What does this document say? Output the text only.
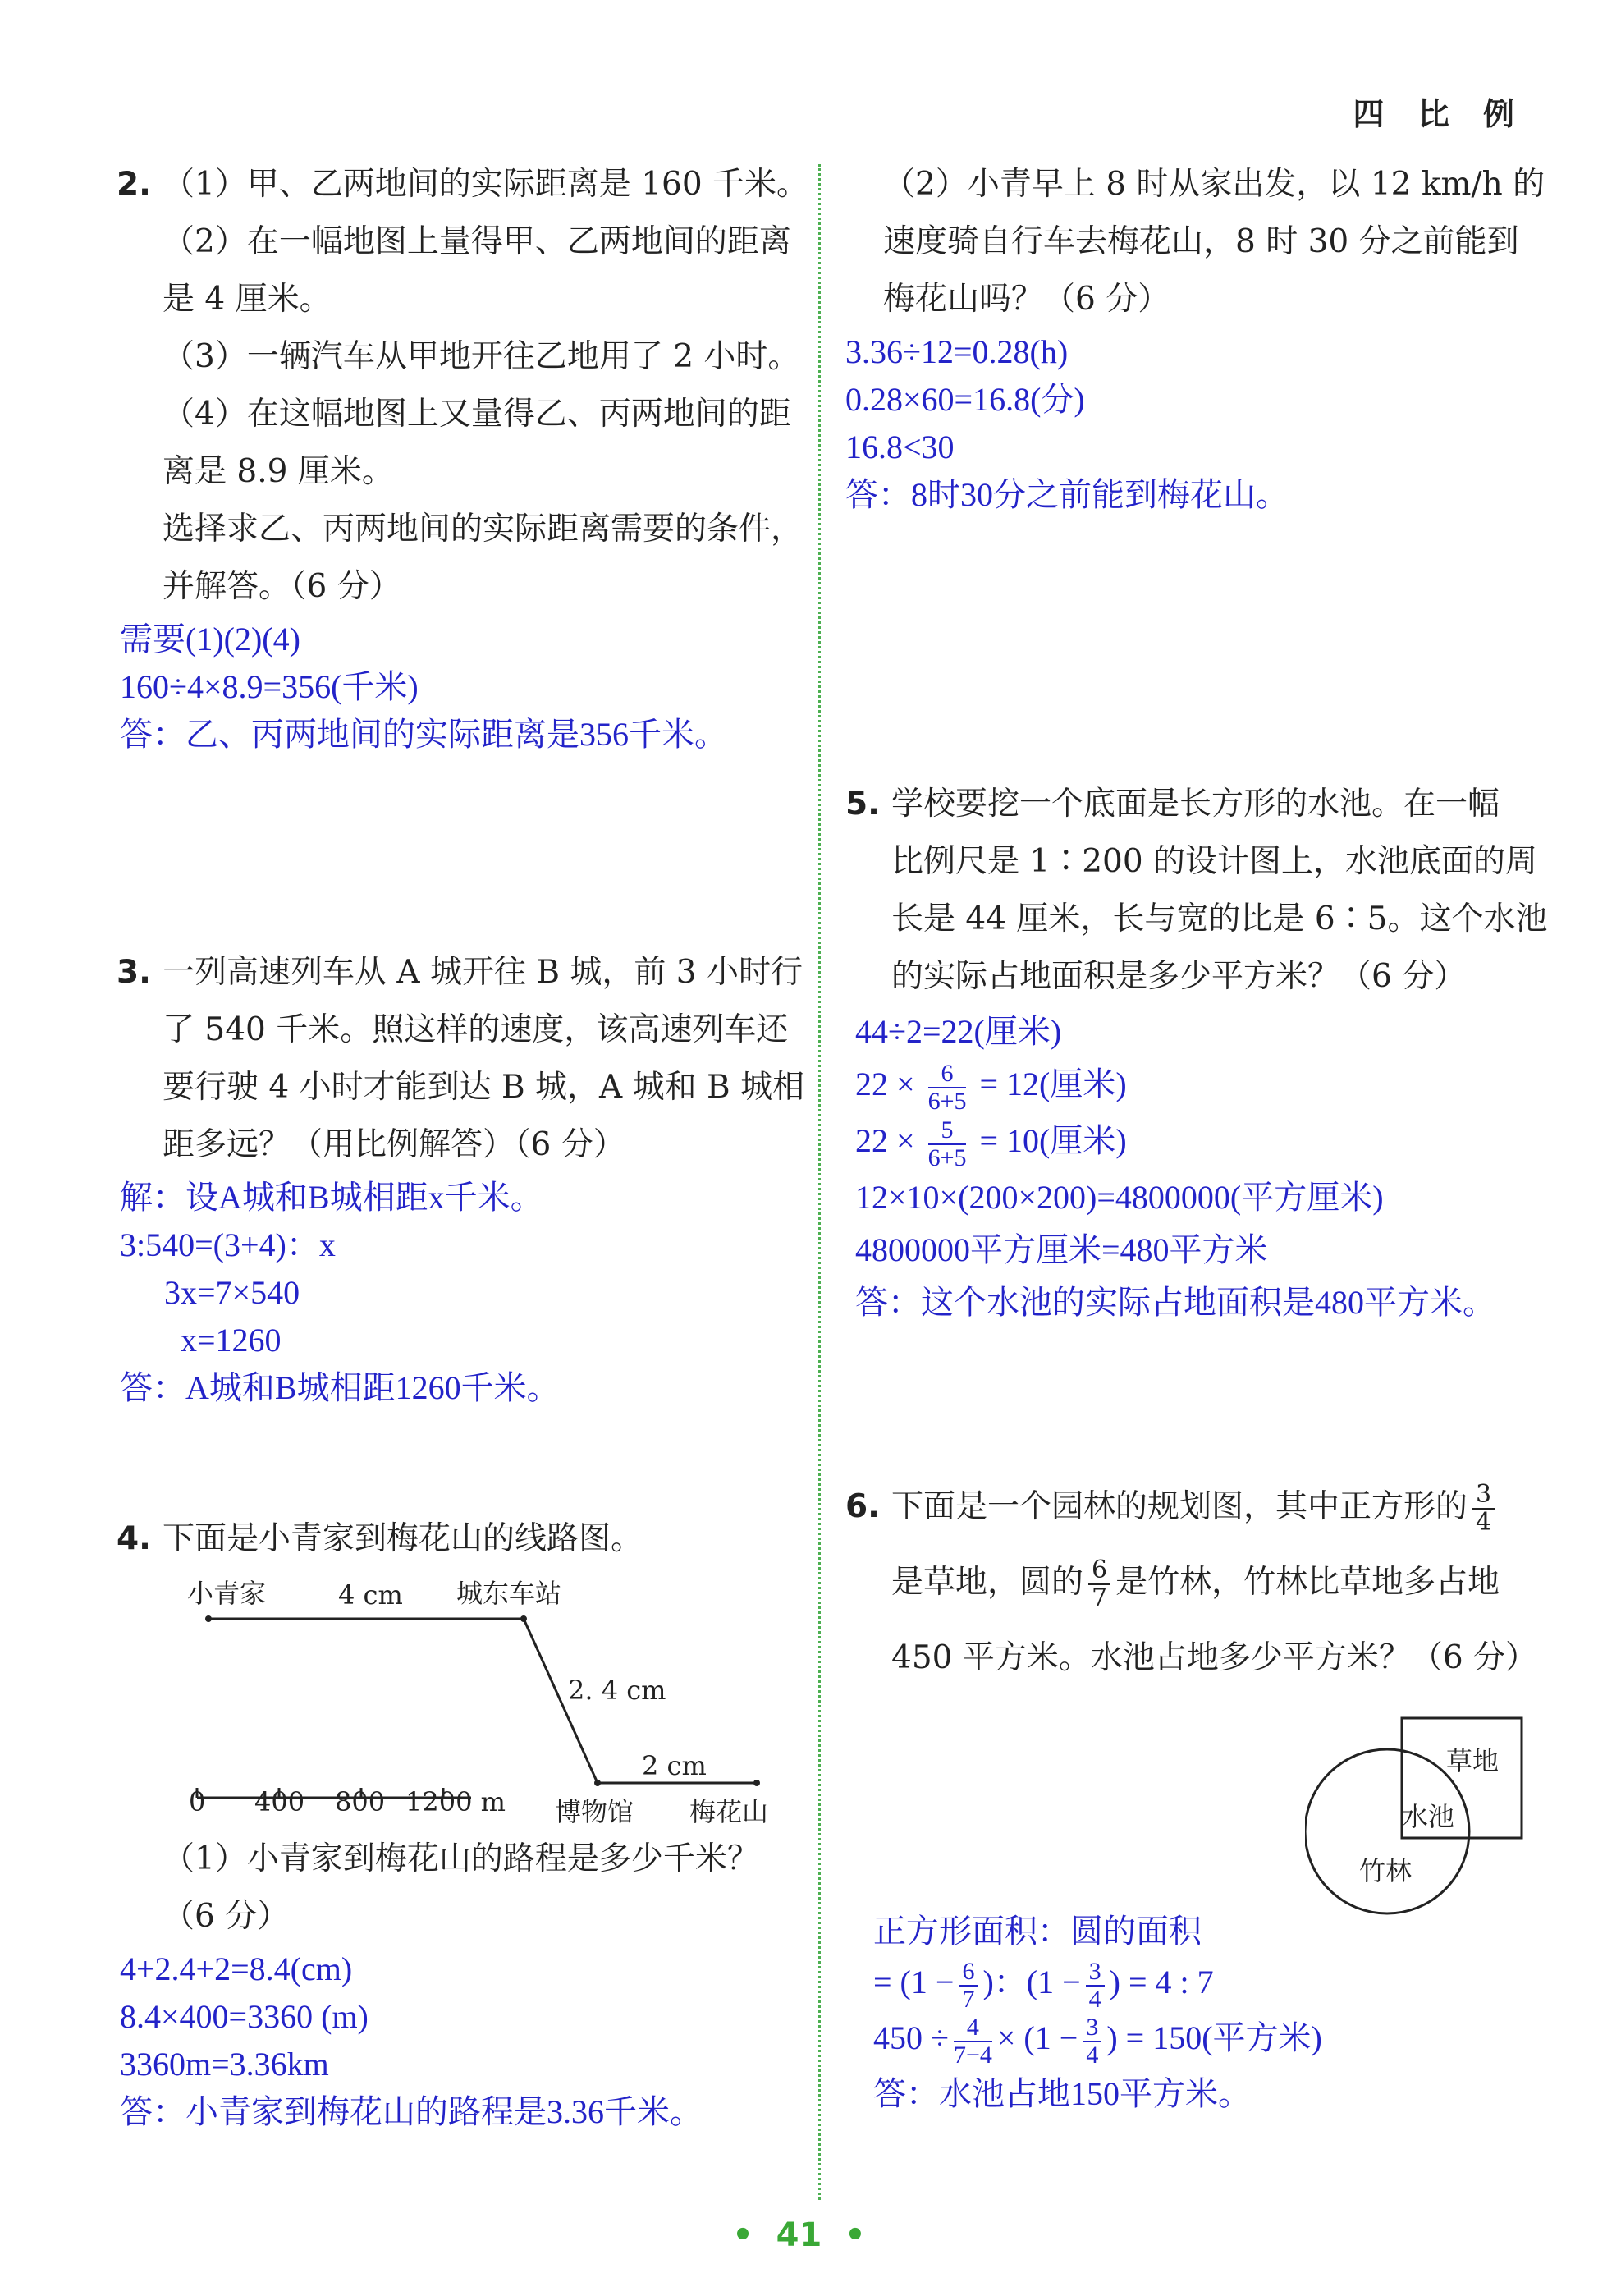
四 比 例
2. （1）甲、乙两地间的实际距离是 160 千米。
（2）在一幅地图上量得甲、乙两地间的距离
是 4 厘米。
（3）一辆汽车从甲地开往乙地用了 2 小时。
（4）在这幅地图上又量得乙、丙两地间的距
离是 8.9 厘米。
选择求乙、丙两地间的实际距离需要的条件，
并解答。（6 分）
需要(1)(2)(4)
160÷4×8.9=356(千米)
答：乙、丙两地间的实际距离是356千米。
3. 一列高速列车从 A 城开往 B 城，前 3 小时行
了 540 千米。照这样的速度，该高速列车还
要行驶 4 小时才能到达 B 城，A 城和 B 城相
距多远？（用比例解答）（6 分）
解：设A城和B城相距x千米。
3:540=(3+4)：x
3x=7×540
x=1260
答：A城和B城相距1260千米。
4. 下面是小青家到梅花山的线路图。
小青家	4 cm 城东车站
2. 4 cm
2 cm
0 400 800 1200 m 博物馆 梅花山
（1）小青家到梅花山的路程是多少千米？
（6 分）
4+2.4+2=8.4(cm)
8.4×400=3360 (m)
3360m=3.36km
答：小青家到梅花山的路程是3.36千米。
（2）小青早上 8 时从家出发，以 12 km/h 的
速度骑自行车去梅花山，8 时 30 分之前能到
梅花山吗？（6 分）
3.36÷12=0.28(h)
0.28×60=16.8(分)
16.8<30
答：8时30分之前能到梅花山。
5. 学校要挖一个底面是长方形的水池。在一幅
比例尺是 1∶200 的设计图上，水池底面的周
长是 44 厘米，长与宽的比是 6∶5。这个水池
的实际占地面积是多少平方米？（6 分）
44÷2=22(厘米)
$22 \times \frac{6}{6+5} = 12$(厘米)
$22 \times \frac{5}{6+5} = 10$(厘米)
12×10×(200×200)=4800000(平方厘米)
4800000平方厘米=480平方米
答：这个水池的实际占地面积是480平方米。
6. 下面是一个园林的规划图，其中正方形的 $\frac{3}{4}$
是草地，圆的 $\frac{6}{7}$ 是竹林，竹林比草地多占地
450 平方米。水池占地多少平方米？（6 分）
草地
水池
竹林
正方形面积：圆的面积
= ($1 - \frac{6}{7}$ )：($1 - \frac{3}{4}$ ) = 4 : 7
$450 \div \frac{4}{7-4} \times (1 - \frac{3}{4}$ ) = 150(平方米)
答：水池占地150平方米。
•  41  •
